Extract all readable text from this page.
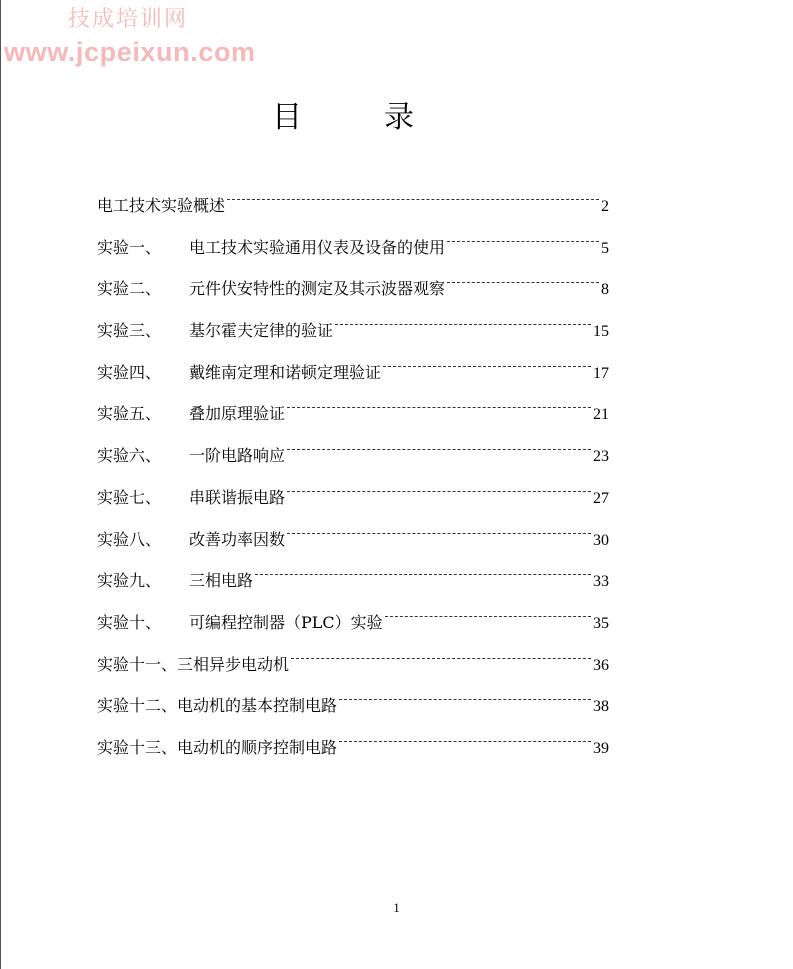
技成培训网
www.jcpeixun.com
目	录
电工技术实验概述	2
实验一、	电工技术实验通用仪表及设备的使用	5
实验二、	元件伏安特性的测定及其示波器观察	8
实验三、	基尔霍夫定律的验证	15
实验四、	戴维南定理和诺顿定理验证	17
实验五、	叠加原理验证	21
实验六、	一阶电路响应	23
实验七、	串联谐振电路	27
实验八、	改善功率因数	30
实验九、	三相电路	33
实验十、	可编程控制器（PLC）实验	35
实验十一、 三相异步电动机	36
实验十二、 电动机的基本控制电路	38
实验十三、 电动机的顺序控制电路	39
1
